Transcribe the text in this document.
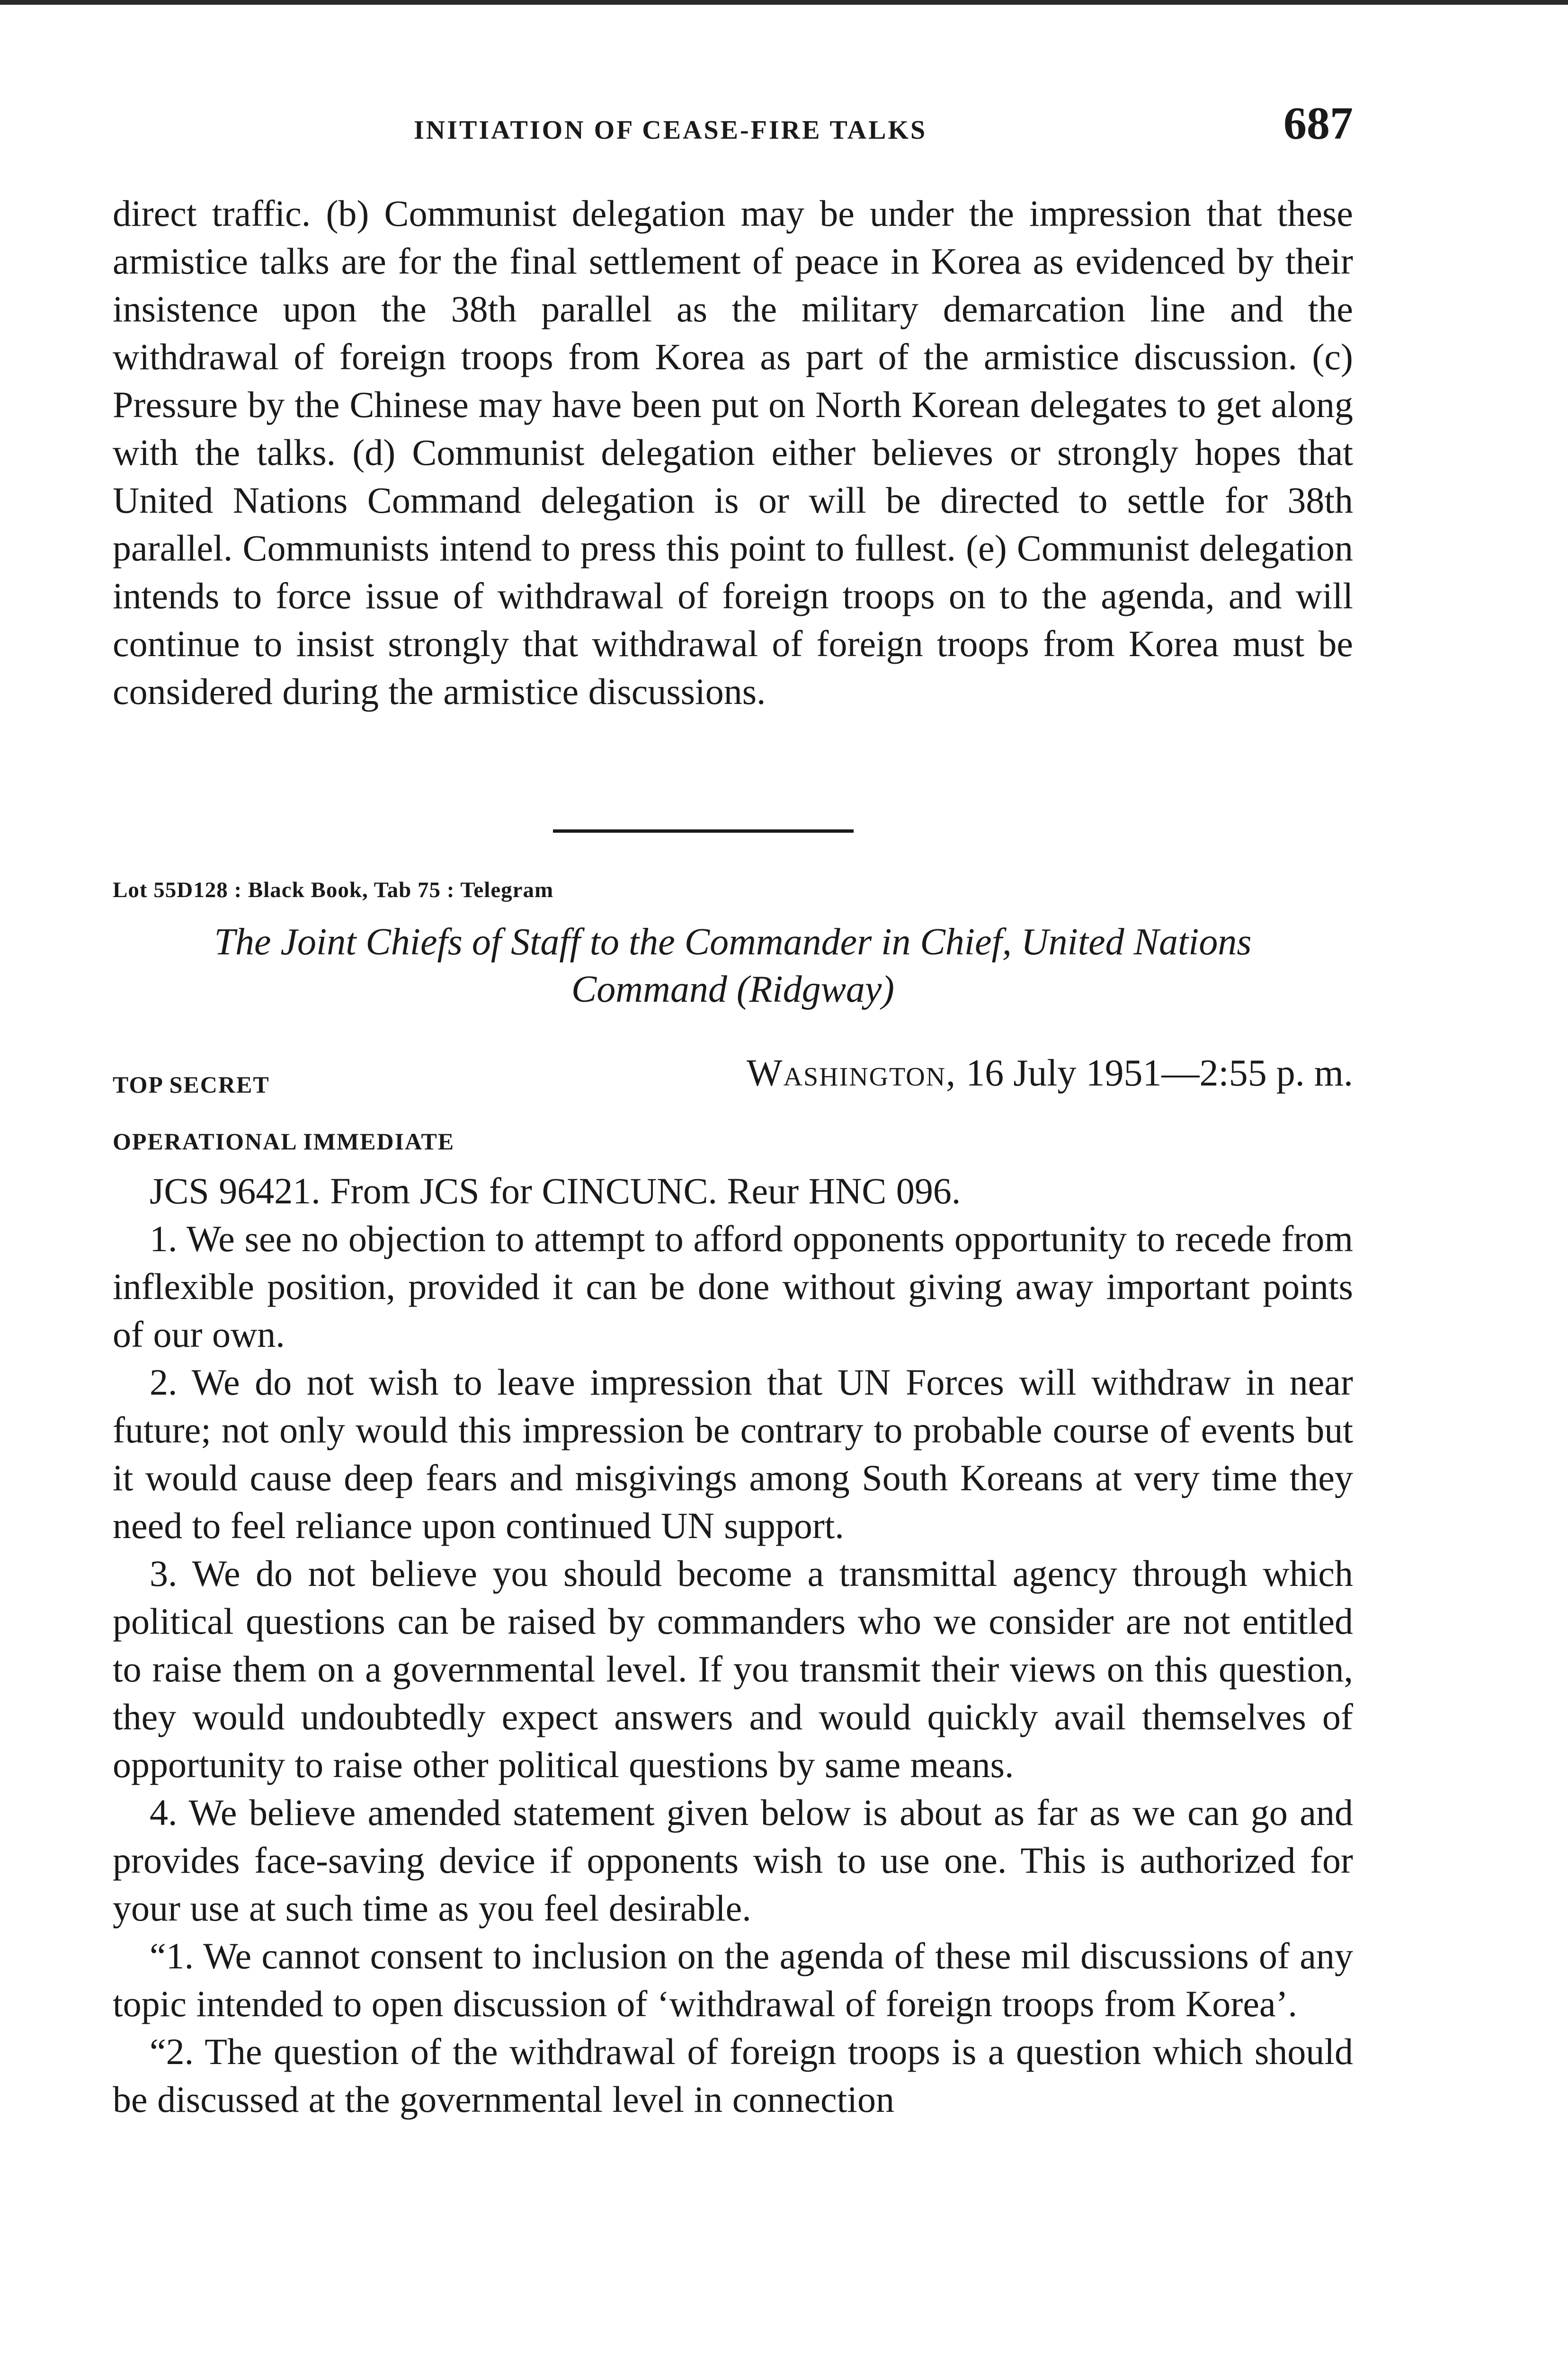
INITIATION OF CEASE-FIRE TALKS	687

direct traffic. (b) Communist delegation may be under the impression that these armistice talks are for the final settlement of peace in Korea as evidenced by their insistence upon the 38th parallel as the military demarcation line and the withdrawal of foreign troops from Korea as part of the armistice discussion. (c) Pressure by the Chinese may have been put on North Korean delegates to get along with the talks. (d) Communist delegation either believes or strongly hopes that United Nations Command delegation is or will be directed to settle for 38th parallel. Communists intend to press this point to fullest. (e) Communist delegation intends to force issue of withdrawal of foreign troops on to the agenda, and will continue to insist strongly that withdrawal of foreign troops from Korea must be considered during the armistice discussions.

Lot 55D128 : Black Book, Tab 75 : Telegram
The Joint Chiefs of Staff to the Commander in Chief, United Nations
Command (Ridgway)
TOP SECRET	Washington, 16 July 1951—2:55 p. m.
OPERATIONAL IMMEDIATE

JCS 96421. From JCS for CINCUNC. Reur HNC 096.

1. We see no objection to attempt to afford opponents opportunity to recede from inflexible position, provided it can be done without giving away important points of our own.

2. We do not wish to leave impression that UN Forces will withdraw in near future; not only would this impression be contrary to probable course of events but it would cause deep fears and misgivings among South Koreans at very time they need to feel reliance upon continued UN support.

3. We do not believe you should become a transmittal agency through which political questions can be raised by commanders who we consider are not entitled to raise them on a governmental level. If you transmit their views on this question, they would undoubtedly expect answers and would quickly avail themselves of opportunity to raise other political questions by same means.

4. We believe amended statement given below is about as far as we can go and provides face-saving device if opponents wish to use one. This is authorized for your use at such time as you feel desirable.

“1. We cannot consent to inclusion on the agenda of these mil discussions of any topic intended to open discussion of ‘withdrawal of foreign troops from Korea’.

“2. The question of the withdrawal of foreign troops is a question which should be discussed at the governmental level in connection
